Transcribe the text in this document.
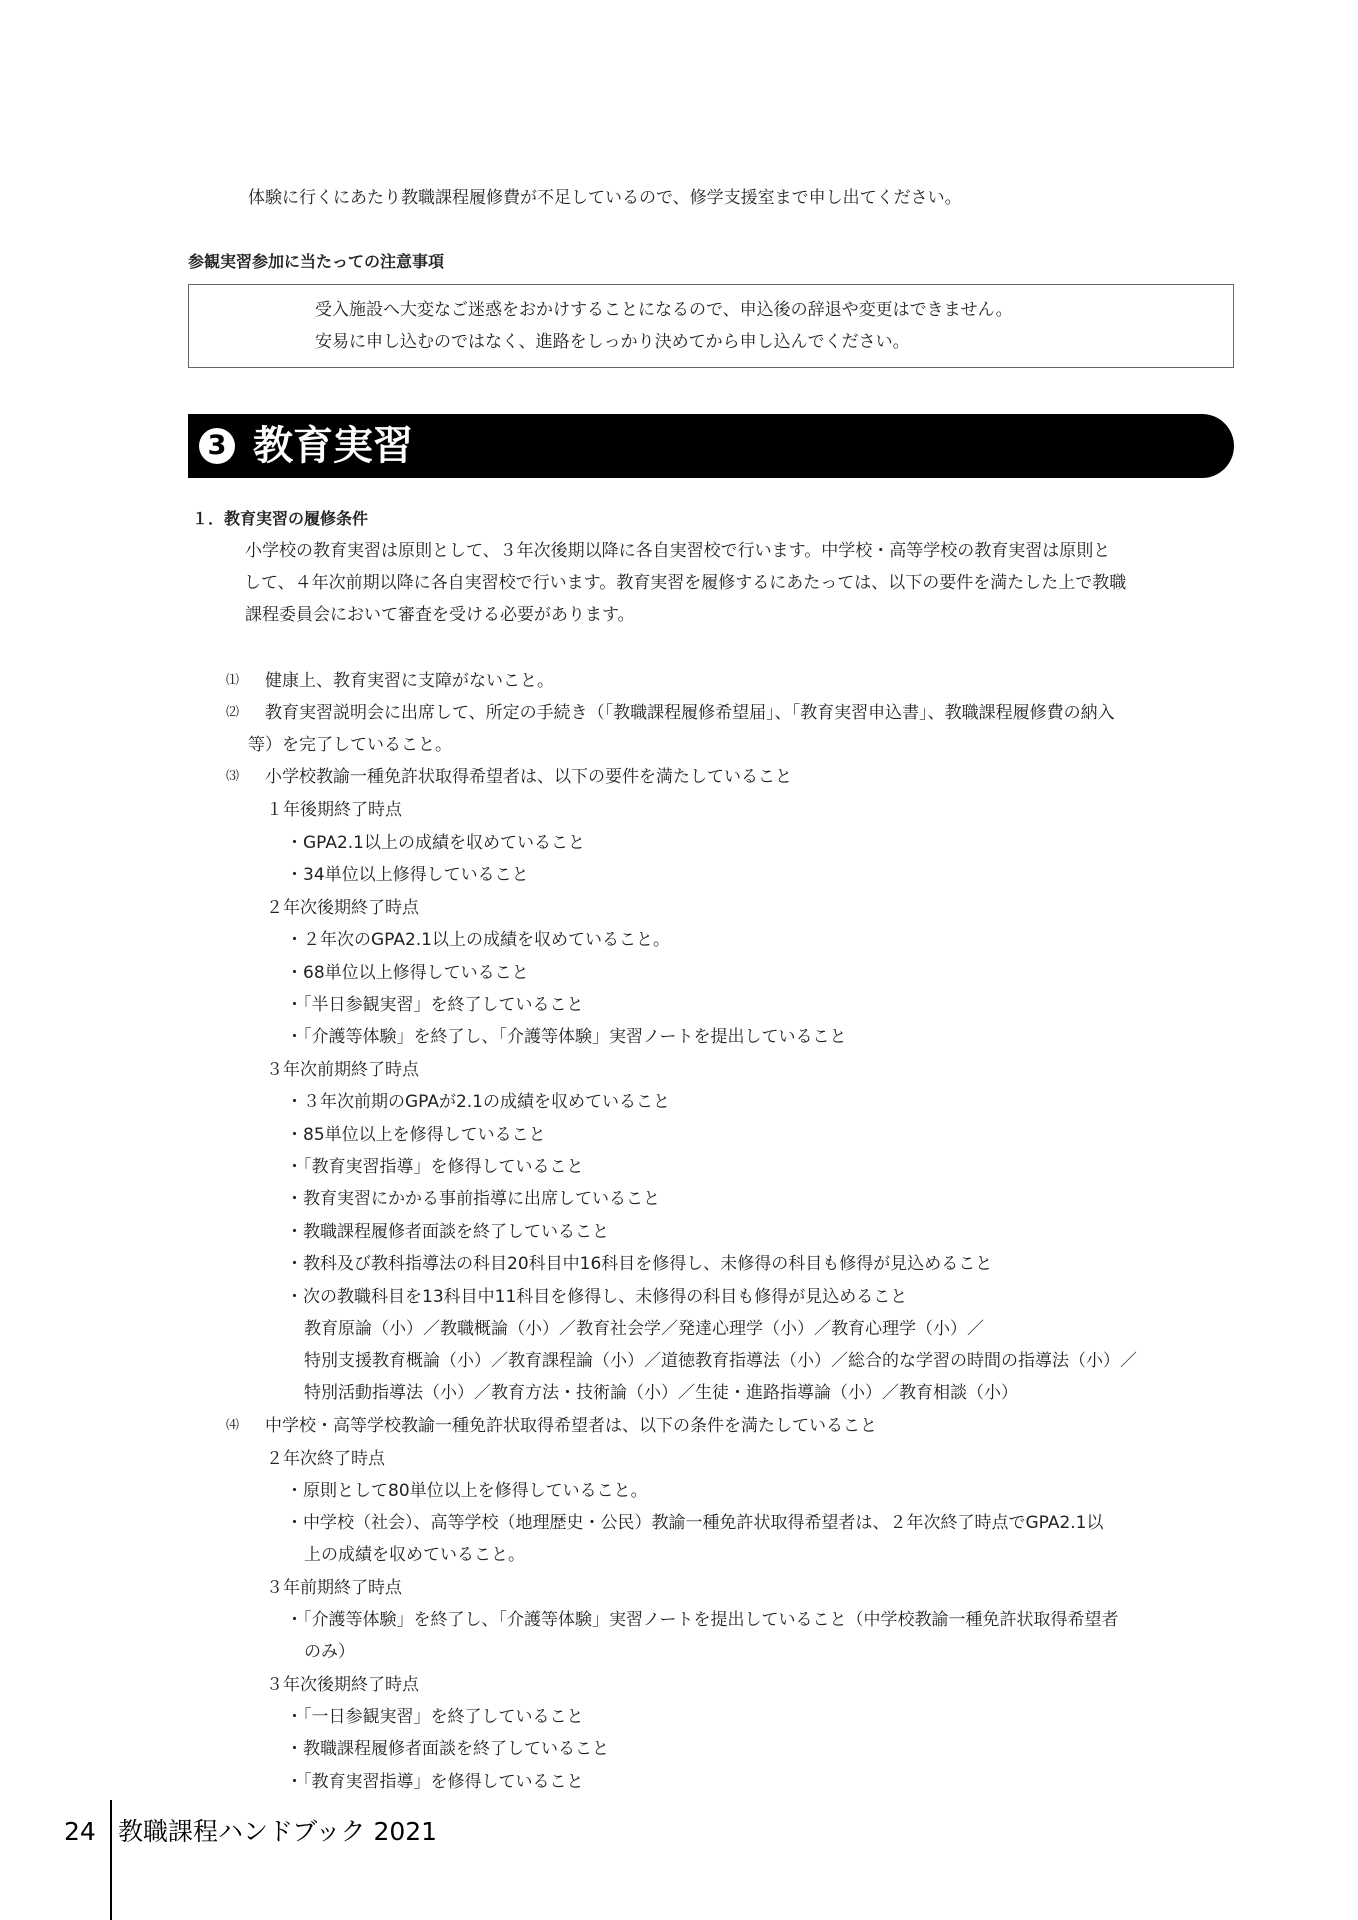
体験に行くにあたり教職課程履修費が不足しているので、修学支援室まで申し出てください。
参観実習参加に当たっての注意事項
受入施設へ大変なご迷惑をおかけすることになるので、申込後の辞退や変更はできません。
安易に申し込むのではなく、進路をしっかり決めてから申し込んでください。
3 教育実習
１．教育実習の履修条件
小学校の教育実習は原則として、３年次後期以降に各自実習校で行います。中学校・高等学校の教育実習は原則と
して、４年次前期以降に各自実習校で行います。教育実習を履修するにあたっては、以下の要件を満たした上で教職
課程委員会において審査を受ける必要があります。
⑴ 健康上、教育実習に支障がないこと。
⑵ 教育実習説明会に出席して、所定の手続き（「教職課程履修希望届」、「教育実習申込書」、教職課程履修費の納入
等）を完了していること。
⑶ 小学校教諭一種免許状取得希望者は、以下の要件を満たしていること
１年後期終了時点
・GPA2.1以上の成績を収めていること
・34単位以上修得していること
２年次後期終了時点
・２年次のGPA2.1以上の成績を収めていること。
・68単位以上修得していること
・「半日参観実習」を終了していること
・「介護等体験」を終了し、「介護等体験」実習ノートを提出していること
３年次前期終了時点
・３年次前期のGPAが2.1の成績を収めていること
・85単位以上を修得していること
・「教育実習指導」を修得していること
・教育実習にかかる事前指導に出席していること
・教職課程履修者面談を終了していること
・教科及び教科指導法の科目20科目中16科目を修得し、未修得の科目も修得が見込めること
・次の教職科目を13科目中11科目を修得し、未修得の科目も修得が見込めること
教育原論（小）／教職概論（小）／教育社会学／発達心理学（小）／教育心理学（小）／
特別支援教育概論（小）／教育課程論（小）／道徳教育指導法（小）／総合的な学習の時間の指導法（小）／
特別活動指導法（小）／教育方法・技術論（小）／生徒・進路指導論（小）／教育相談（小）
⑷ 中学校・高等学校教諭一種免許状取得希望者は、以下の条件を満たしていること
２年次終了時点
・原則として80単位以上を修得していること。
・中学校（社会）、高等学校（地理歴史・公民）教諭一種免許状取得希望者は、２年次終了時点でGPA2.1以
上の成績を収めていること。
３年前期終了時点
・「介護等体験」を終了し、「介護等体験」実習ノートを提出していること（中学校教諭一種免許状取得希望者
のみ）
３年次後期終了時点
・「一日参観実習」を終了していること
・教職課程履修者面談を終了していること
・「教育実習指導」を修得していること
24 教職課程ハンドブック 2021
